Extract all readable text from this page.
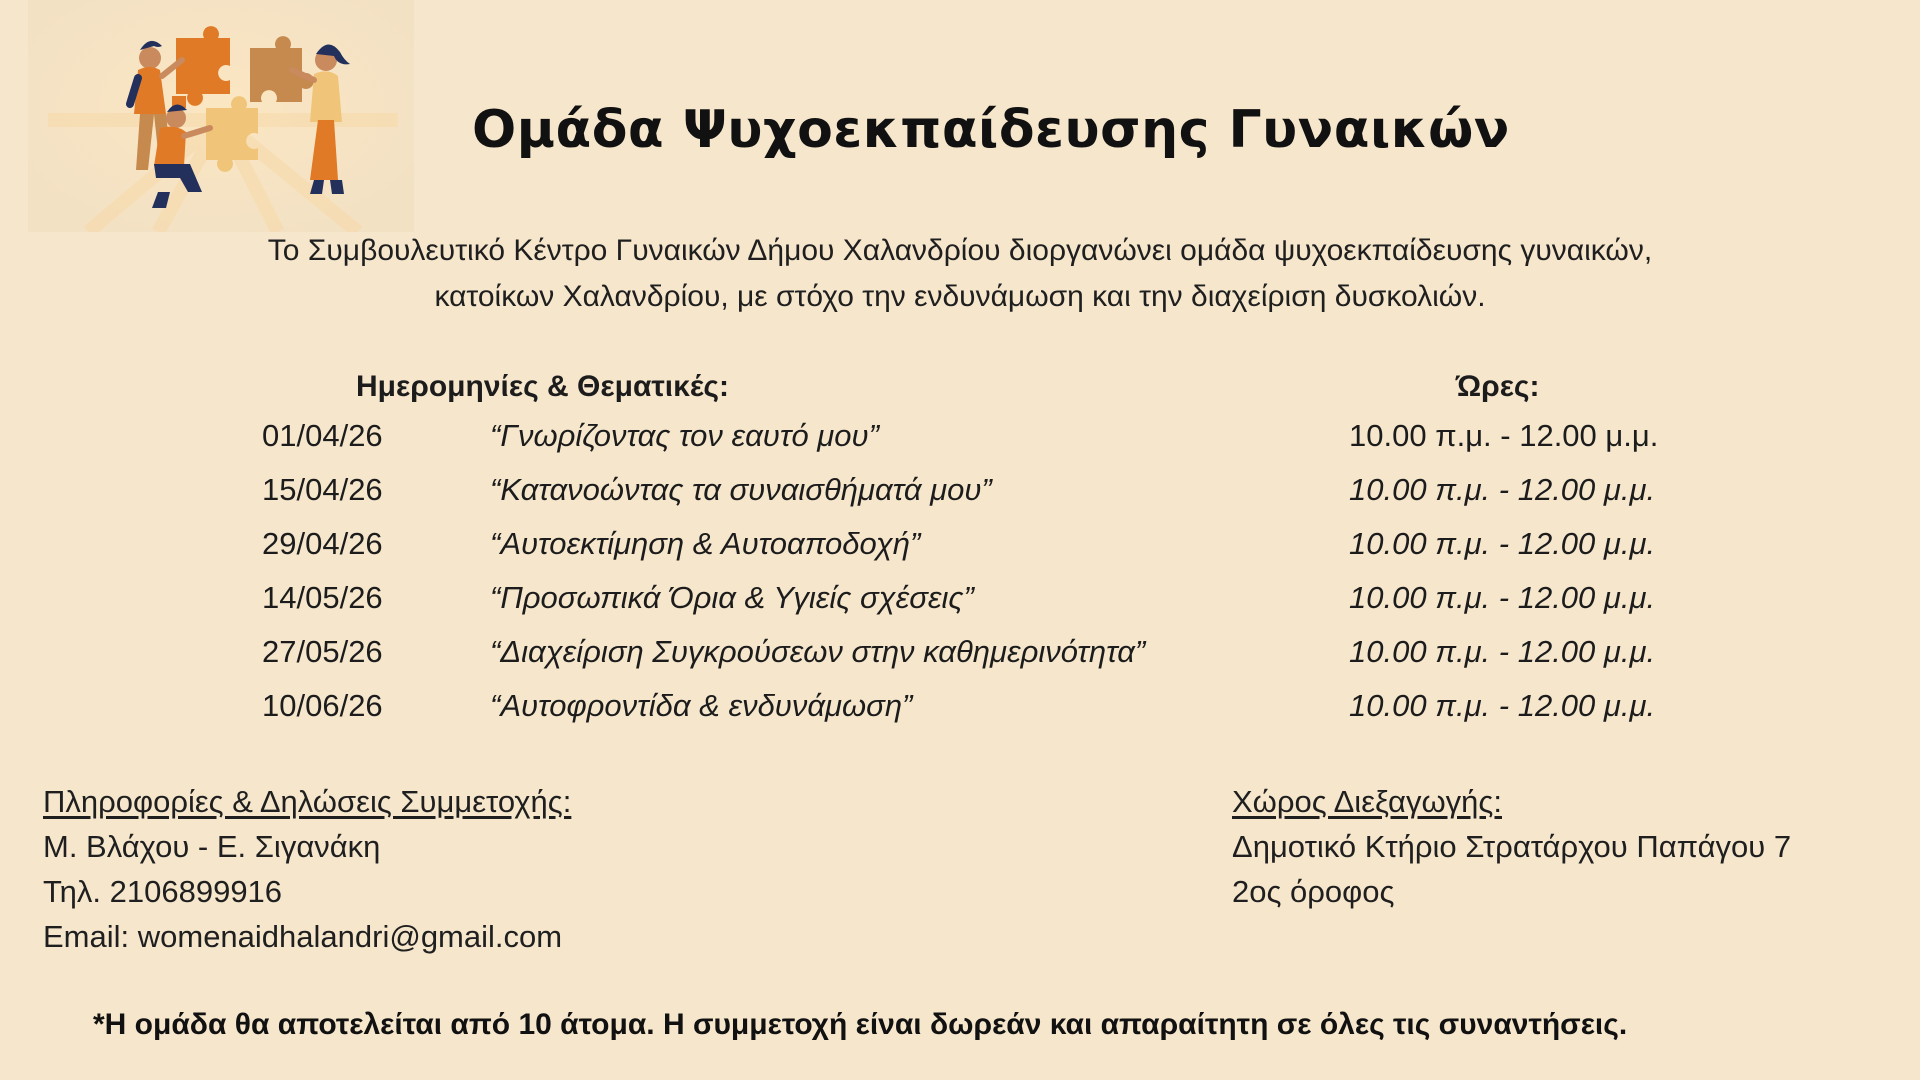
Ομάδα Ψυχοεκπαίδευσης Γυναικών
Το Συμβουλευτικό Κέντρο Γυναικών Δήμου Χαλανδρίου διοργανώνει ομάδα ψυχοεκπαίδευσης γυναικών,
κατοίκων Χαλανδρίου, με στόχο την ενδυνάμωση και την διαχείριση δυσκολιών.
Ημερομηνίες & Θεματικές:	Ώρες:
01/04/26	“Γνωρίζοντας τον εαυτό μου”	10.00 π.μ. - 12.00 μ.μ.
15/04/26	“Κατανοώντας τα συναισθήματά μου”	10.00 π.μ. - 12.00 μ.μ.
29/04/26	“Αυτοεκτίμηση & Αυτοαποδοχή”	10.00 π.μ. - 12.00 μ.μ.
14/05/26	“Προσωπικά Όρια & Υγιείς σχέσεις”	10.00 π.μ. - 12.00 μ.μ.
27/05/26	“Διαχείριση Συγκρούσεων στην καθημερινότητα”	10.00 π.μ. - 12.00 μ.μ.
10/06/26	“Αυτοφροντίδα & ενδυνάμωση”	10.00 π.μ. - 12.00 μ.μ.
Πληροφορίες & Δηλώσεις Συμμετοχής:
Μ. Βλάχου - Ε. Σιγανάκη
Τηλ. 2106899916
Email: womenaidhalandri@gmail.com
Χώρος Διεξαγωγής:
Δημοτικό Κτήριο Στρατάρχου Παπάγου 7
2ος όροφος
*Η ομάδα θα αποτελείται από 10 άτομα. Η συμμετοχή είναι δωρεάν και απαραίτητη σε όλες τις συναντήσεις.
